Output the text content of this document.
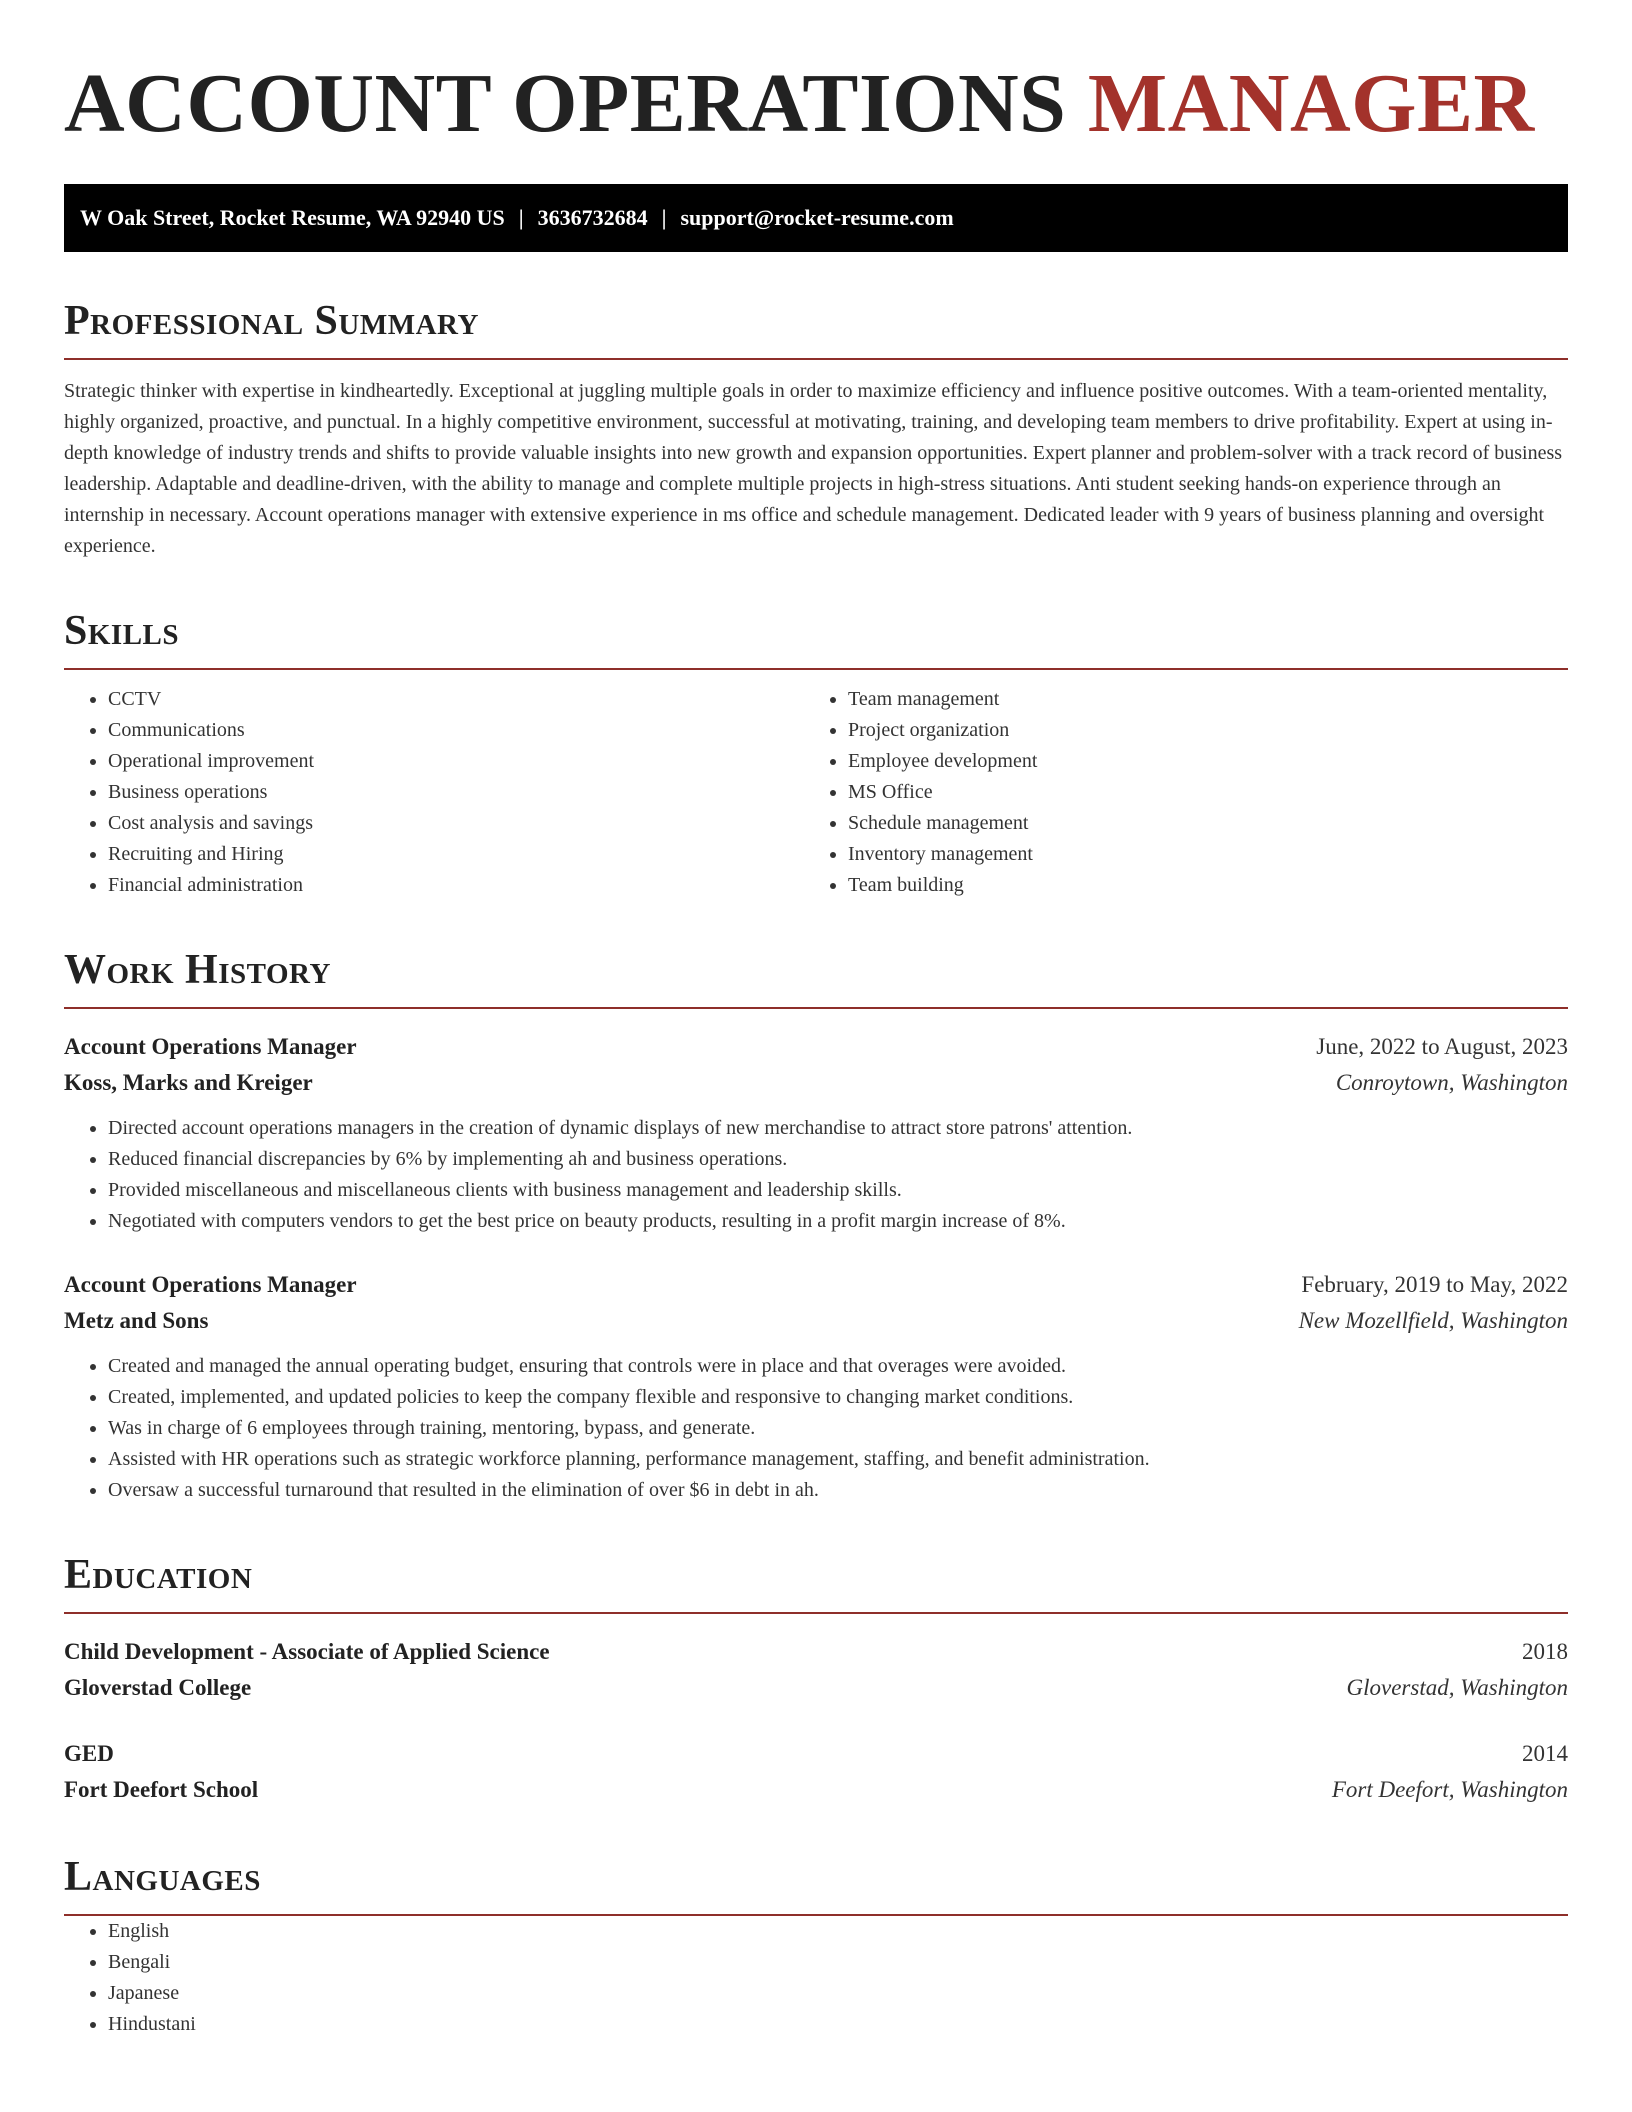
ACCOUNT OPERATIONS MANAGER
W Oak Street, Rocket Resume, WA 92940 US | 3636732684 | support@rocket-resume.com
Professional Summary

Strategic thinker with expertise in kindheartedly. Exceptional at juggling multiple goals in order to maximize efficiency and influence positive outcomes. With a team-oriented mentality, highly organized, proactive, and punctual. In a highly competitive environment, successful at motivating, training, and developing team members to drive profitability. Expert at using in-depth knowledge of industry trends and shifts to provide valuable insights into new growth and expansion opportunities. Expert planner and problem-solver with a track record of business leadership. Adaptable and deadline-driven, with the ability to manage and complete multiple projects in high-stress situations. Anti student seeking hands-on experience through an internship in necessary. Account operations manager with extensive experience in ms office and schedule management. Dedicated leader with 9 years of business planning and oversight experience.

Skills
• CCTV
• Communications
• Operational improvement
• Business operations
• Cost analysis and savings
• Recruiting and Hiring
• Financial administration
• Team management
• Project organization
• Employee development
• MS Office
• Schedule management
• Inventory management
• Team building
Work History
Account Operations Manager	June, 2022 to August, 2023
Koss, Marks and Kreiger	Conroytown, Washington
• Directed account operations managers in the creation of dynamic displays of new merchandise to attract store patrons' attention.
• Reduced financial discrepancies by 6% by implementing ah and business operations.
• Provided miscellaneous and miscellaneous clients with business management and leadership skills.
• Negotiated with computers vendors to get the best price on beauty products, resulting in a profit margin increase of 8%.
Account Operations Manager	February, 2019 to May, 2022
Metz and Sons	New Mozellfield, Washington
• Created and managed the annual operating budget, ensuring that controls were in place and that overages were avoided.
• Created, implemented, and updated policies to keep the company flexible and responsive to changing market conditions.
• Was in charge of 6 employees through training, mentoring, bypass, and generate.
• Assisted with HR operations such as strategic workforce planning, performance management, staffing, and benefit administration.
• Oversaw a successful turnaround that resulted in the elimination of over $6 in debt in ah.
Education
Child Development - Associate of Applied Science	2018
Gloverstad College	Gloverstad, Washington
GED	2014
Fort Deefort School	Fort Deefort, Washington
Languages
• English
• Bengali
• Japanese
• Hindustani
